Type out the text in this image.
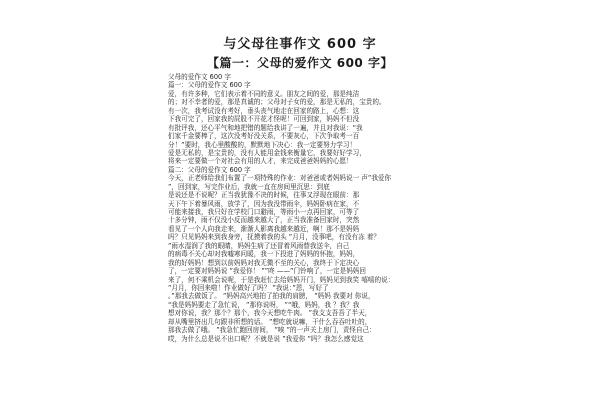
与父母往事作文 600 字
【篇一：父母的爱作文 600 字】
父母的爱作文 600 字
篇一：父母的爱作文 600 字
爱，有许多种，它们表示着不同的意义。朋友之间的爱，那是纯洁
的；对不幸者的爱，那是真诚的；父母对子女的爱，那是无私的，宝贵的。
有一次，我考试没有考好，垂头丧气地走在回家的路上，心想：这
下我可完了，回家我的屁股不开花才怪呢！可回到家，妈妈不但没
有批评我，还心平气和地把错的题给我讲了一遍，并且对我说：“我
们家千金要棒了，这次没考好没关系，不要灰心，下次争取考一百
分！”要时，我心里酸酸的，默默地下决心：我一定要努力学习！
爱是无私的，是宝贵的，没有人能用金钱来衡量它，我要好好学习，
将来一定要做一个对社会有用的人才，来完成爸爸妈妈的心愿！
篇二：父母的爱作文 600 字
今天，正老师给我们布置了一项特殊的作业：对爸爸或者妈妈说一 声”我爱你
”，回到家，写完作业后，我就一直在房间里沉思：到底
是说还是不说呢？正当我犹豫不决的时候，往事又浮现在眼前：那
天下午下着暴风雨，放学了，因为我没带雨伞，妈妈卧病在家，不
可能来接我，我只好在学校门口避雨，等雨小一点再回家，可等了
十多分钟，雨不仅没小反而越来越大了，正当我准备回家时，突然
看见了一个人向我走来，渐渐人影离我越来越近，啊！那不是妈妈
吗？只见妈妈来到我身旁，抚摸着我的头 ”月月，没事吧，有没有冻 着？
”雨水湿润了我的眼睛，妈妈生病了还冒着风雨替我送伞，自己
的病毒不关心却对我嘘寒问暖，我一下投进了妈妈的怀抱，妈妈，
我的好妈妈！想到以前妈妈对我无微不至的关心，我终于下定决心
了，一定要对妈妈说 ”我爱你！ ””咚 ——”门铃响了，一定是妈妈回
来了，何不乘机会说呢，于是我赶忙去给妈妈开门，妈妈见到我笑 嘻嘻的说：
”月月，你回来啦！作业做好了吗？ ”我说：”恩，写好了
。”那我去做饭了。 ”妈妈高兴地拍了拍我的肩膀， ”妈妈 我要对 你说，
“我是妈妈要走了急忙说， ”那你说呀， ”“哦，妈妈，我 ？我？我
想对你说，我？那个？那个，我今天想吃牛肉。 ”我支支吾吾了半天，
却从嘴里挤出几句跟非所想的话。 ”想吃就说嘛，干什么吞吞吐吐的，
那我去做了哦。 ”我急忙跑回房间， ”唉 ”的一声关上房门，责怪自己：
哎，为什么总是说不出口呢？不就是说 ”我爱你 ”吗？我怎么感觉这
